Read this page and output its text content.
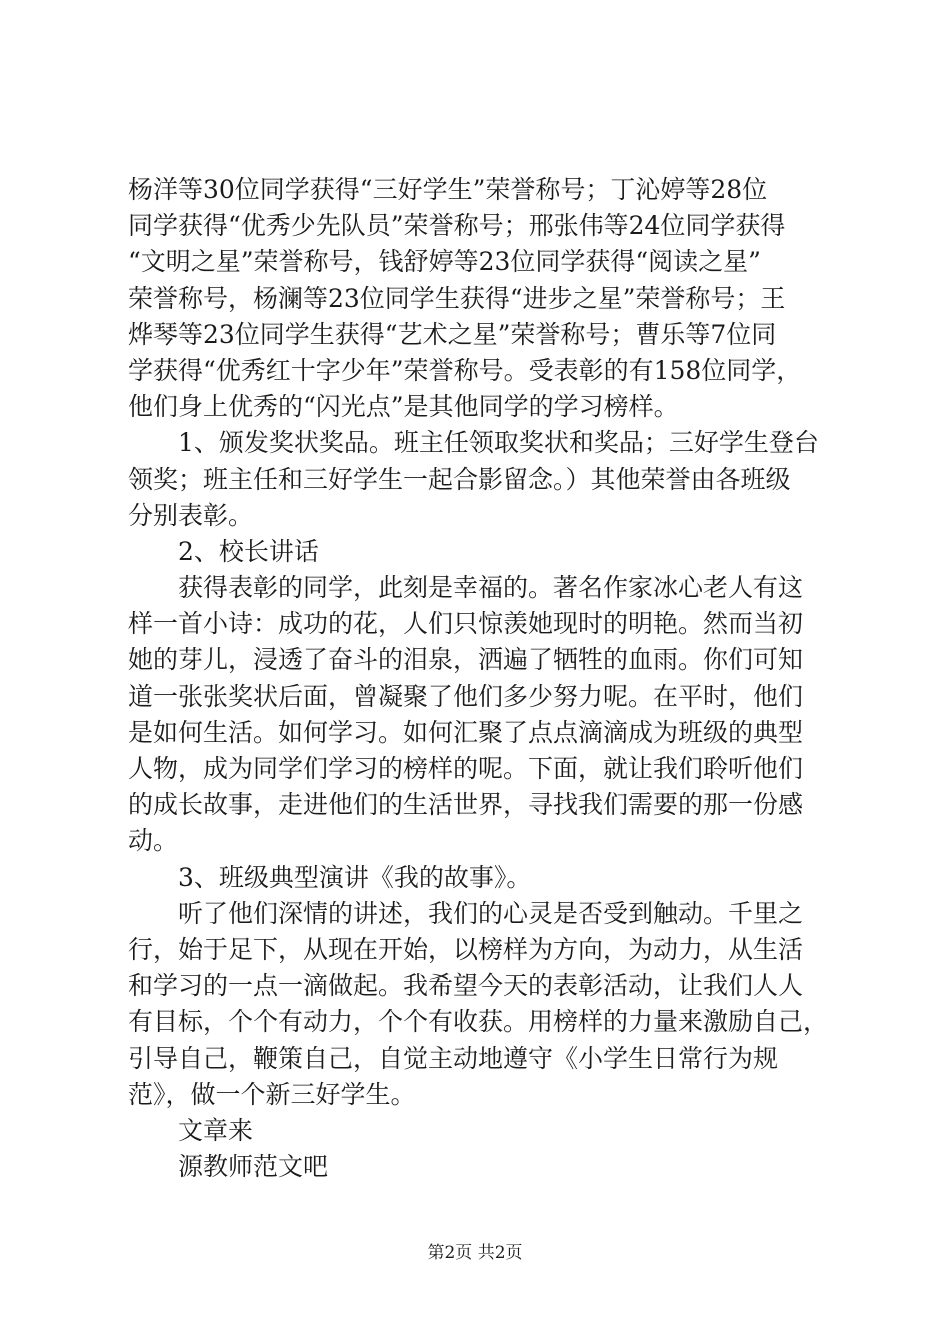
杨洋等30位同学获得“三好学生”荣誉称号；丁沁婷等28位
同学获得“优秀少先队员”荣誉称号；邢张伟等24位同学获得
“文明之星”荣誉称号，钱舒婷等23位同学获得“阅读之星”
荣誉称号，杨澜等23位同学生获得“进步之星”荣誉称号；王
烨琴等23位同学生获得“艺术之星”荣誉称号；曹乐等7位同
学获得“优秀红十字少年”荣誉称号。受表彰的有158位同学，
他们身上优秀的“闪光点”是其他同学的学习榜样。
1、颁发奖状奖品。班主任领取奖状和奖品；三好学生登台
领奖；班主任和三好学生一起合影留念。）其他荣誉由各班级
分别表彰。
2、校长讲话
获得表彰的同学，此刻是幸福的。著名作家冰心老人有这
样一首小诗：成功的花，人们只惊羡她现时的明艳。然而当初
她的芽儿，浸透了奋斗的泪泉，洒遍了牺牲的血雨。你们可知
道一张张奖状后面，曾凝聚了他们多少努力呢。在平时，他们
是如何生活。如何学习。如何汇聚了点点滴滴成为班级的典型
人物，成为同学们学习的榜样的呢。下面，就让我们聆听他们
的成长故事，走进他们的生活世界，寻找我们需要的那一份感
动。
3、班级典型演讲《我的故事》。
听了他们深情的讲述，我们的心灵是否受到触动。千里之
行，始于足下，从现在开始，以榜样为方向，为动力，从生活
和学习的一点一滴做起。我希望今天的表彰活动，让我们人人
有目标，个个有动力，个个有收获。用榜样的力量来激励自己，
引导自己，鞭策自己，自觉主动地遵守《小学生日常行为规
范》，做一个新三好学生。
文章来
源教师范文吧
第2页 共2页
